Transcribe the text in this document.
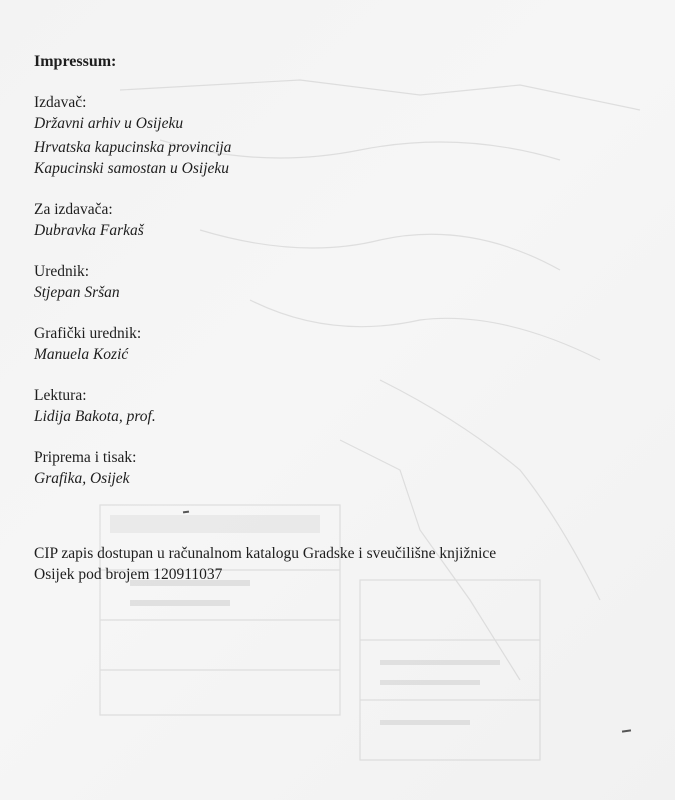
Impressum:
Izdavač:
Državni arhiv u Osijeku
Hrvatska kapucinska provincija
Kapucinski samostan u Osijeku
Za izdavača:
Dubravka Farkaš
Urednik:
Stjepan Sršan
Grafički urednik:
Manuela Kozić
Lektura:
Lidija Bakota, prof.
Priprema i tisak:
Grafika, Osijek
CIP zapis dostupan u računalnom katalogu Gradske i sveučilišne knjižnice
Osijek pod brojem 120911037
